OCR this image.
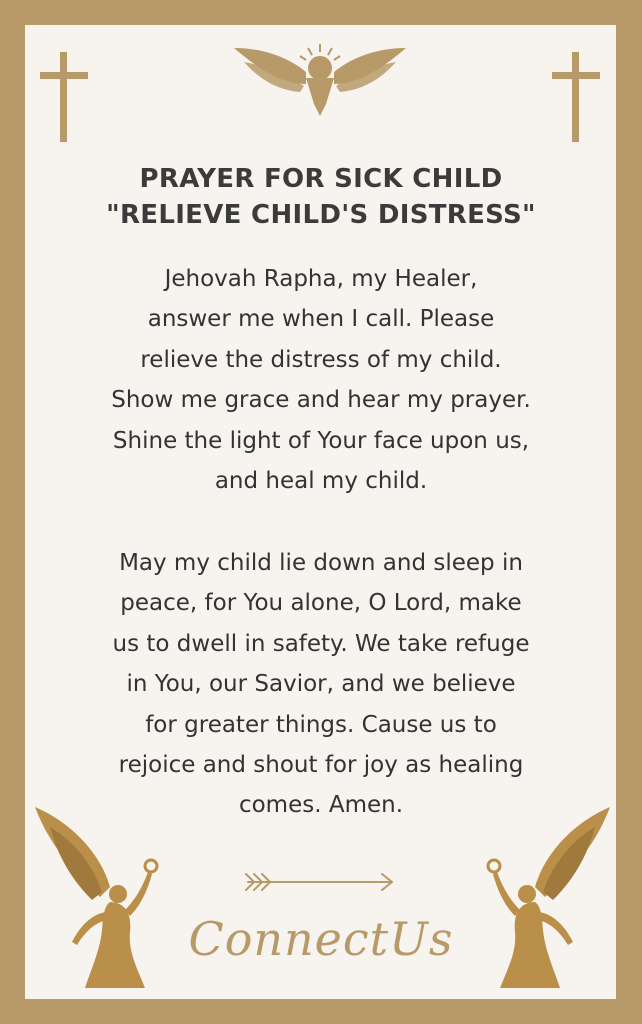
PRAYER FOR SICK CHILD
"RELIEVE CHILD'S DISTRESS"

Jehovah Rapha, my Healer,
answer me when I call. Please
relieve the distress of my child.
Show me grace and hear my prayer.
Shine the light of Your face upon us,
and heal my child.

May my child lie down and sleep in
peace, for You alone, O Lord, make
us to dwell in safety. We take refuge
in You, our Savior, and we believe
for greater things. Cause us to
rejoice and shout for joy as healing
comes. Amen.

ConnectUs
